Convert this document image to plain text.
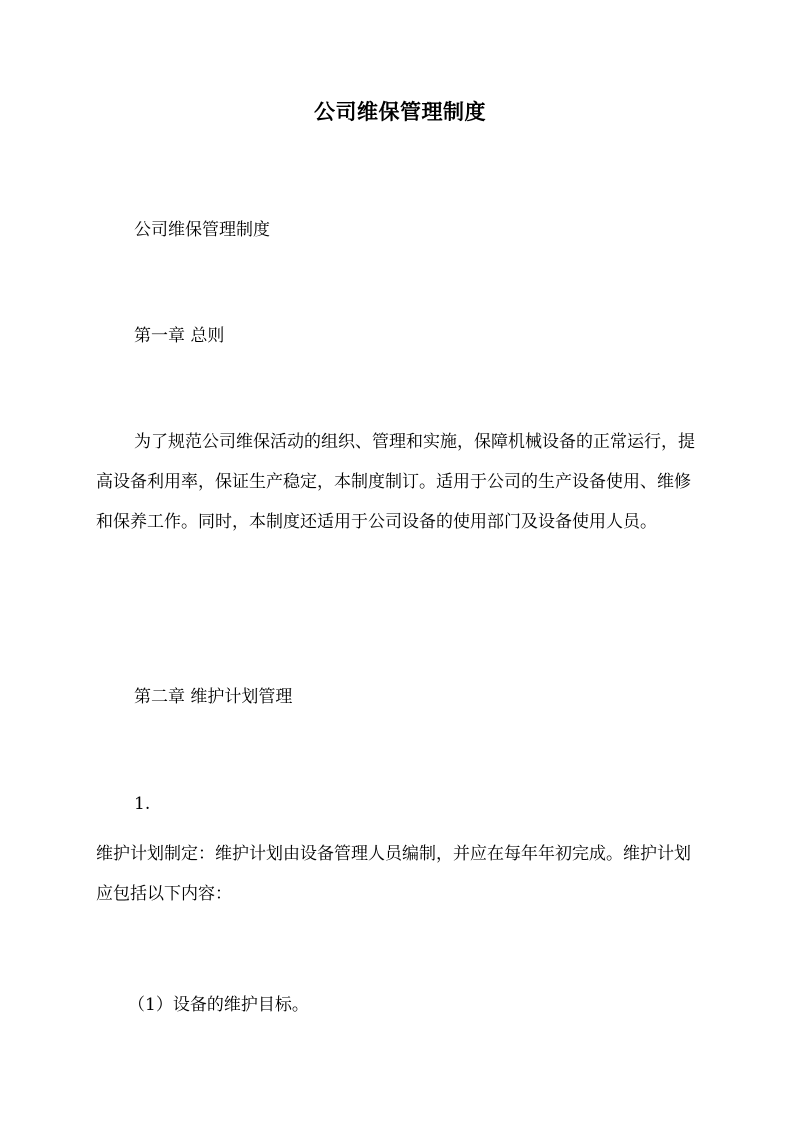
公司维保管理制度
公司维保管理制度
第一章 总则

为了规范公司维保活动的组织、管理和实施，保障机械设备的正常运行，提高设备利用率，保证生产稳定，本制度制订。适用于公司的生产设备使用、维修和保养工作。同时，本制度还适用于公司设备的使用部门及设备使用人员。

第二章 维护计划管理
1.

维护计划制定：维护计划由设备管理人员编制，并应在每年年初完成。维护计划应包括以下内容：

（1）设备的维护目标。
